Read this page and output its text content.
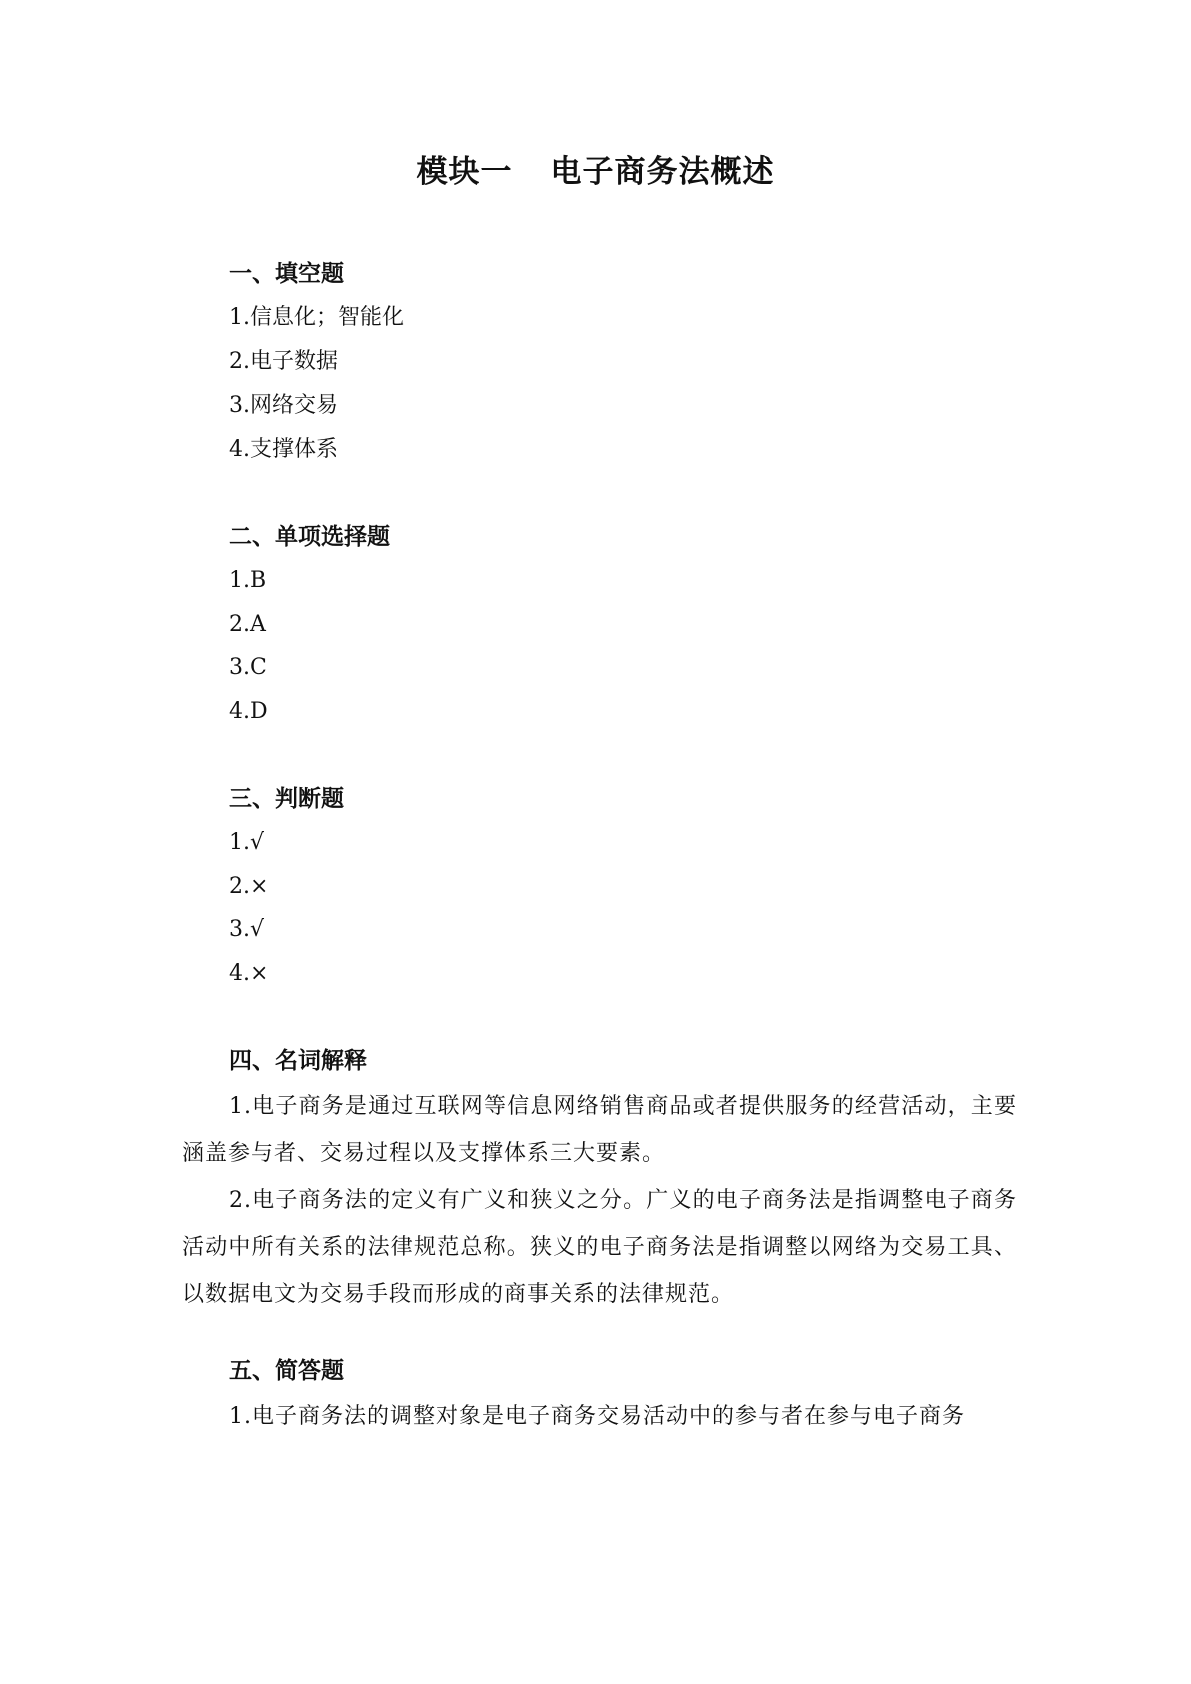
模块一 电子商务法概述
一、填空题
1.信息化；智能化
2.电子数据
3.网络交易
4.支撑体系
二、单项选择题
1.B
2.A
3.C
4.D
三、判断题
1.√
2.×
3.√
4.×
四、名词解释
1.电子商务是通过互联网等信息网络销售商品或者提供服务的经营活动，主要涵盖参与者、交易过程以及支撑体系三大要素。
2.电子商务法的定义有广义和狭义之分。广义的电子商务法是指调整电子商务活动中所有关系的法律规范总称。狭义的电子商务法是指调整以网络为交易工具、以数据电文为交易手段而形成的商事关系的法律规范。
五、简答题
1.电子商务法的调整对象是电子商务交易活动中的参与者在参与电子商务
